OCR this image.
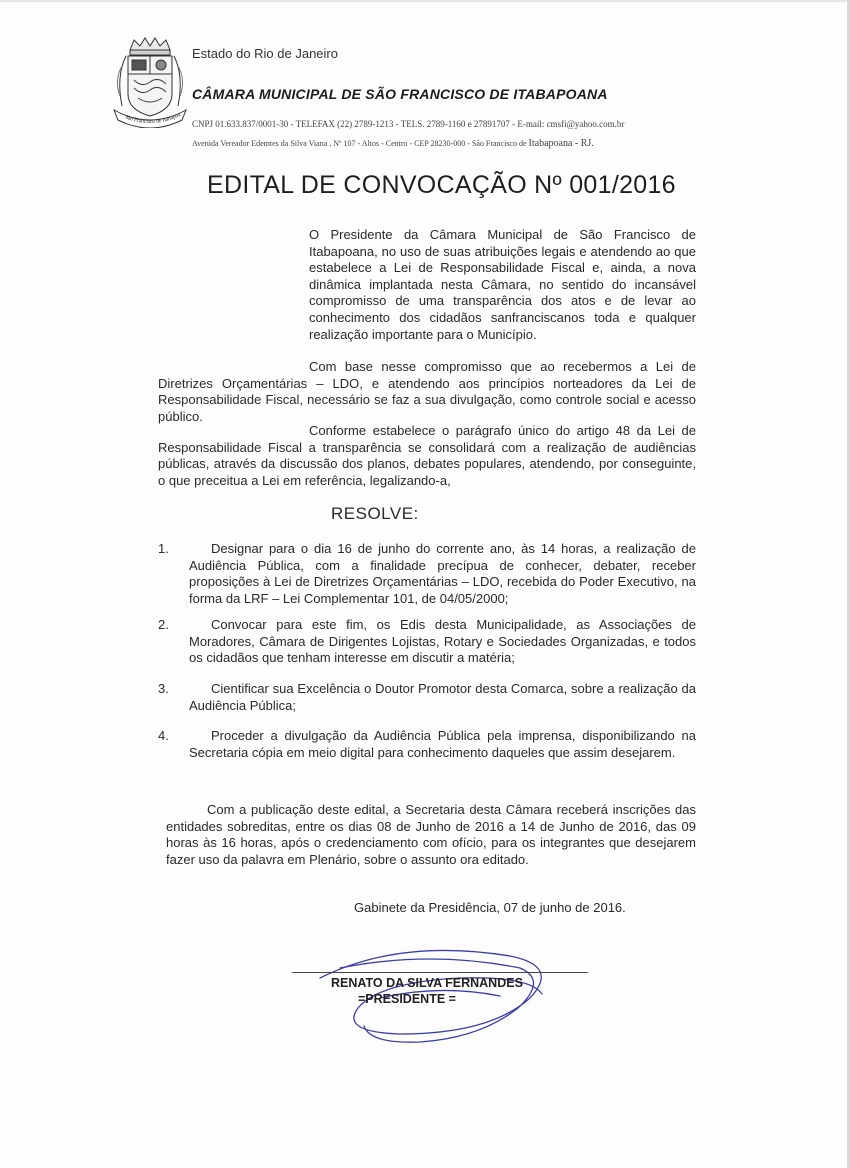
São Francisco de Itabapoa
Estado do Rio de Janeiro
CÂMARA MUNICIPAL DE SÃO FRANCISCO DE ITABAPOANA
CNPJ 01.633.837/0001-30 - TELEFAX (22) 2789-1213 - TELS. 2789-1160 e 27891707 - E-mail: cmsfi@yahoo.com.br
Avenida Vereador Edemtes da Silva Viana , Nº 107 - Altos - Centro - CEP 28230-000 - São Francisco de Itabapoana - RJ.
EDITAL DE CONVOCAÇÃO Nº 001/2016
O Presidente da Câmara Municipal de São Francisco de Itabapoana, no uso de suas atribuições legais e atendendo ao que estabelece a Lei de Responsabilidade Fiscal e, ainda, a nova dinâmica implantada nesta Câmara, no sentido do incansável compromisso de uma transparência dos atos e de levar ao conhecimento dos cidadãos sanfranciscanos toda e qualquer realização importante para o Município.
Com base nesse compromisso que ao recebermos a Lei de Diretrizes Orçamentárias – LDO, e atendendo aos princípios norteadores da Lei de Responsabilidade Fiscal, necessário se faz a sua divulgação, como controle social e acesso público.
Conforme estabelece o parágrafo único do artigo 48 da Lei de Responsabilidade Fiscal a transparência se consolidará com a realização de audiências públicas, através da discussão dos planos, debates populares, atendendo, por conseguinte, o que preceitua a Lei em referência, legalizando-a,
RESOLVE:
1.	Designar para o dia 16 de junho do corrente ano, às 14 horas, a realização de Audiência Pública, com a finalidade precípua de conhecer, debater, receber proposições à Lei de Diretrizes Orçamentárias – LDO, recebida do Poder Executivo, na forma da LRF – Lei Complementar 101, de 04/05/2000;
2.	Convocar para este fim, os Edis desta Municipalidade, as Associações de Moradores, Câmara de Dirigentes Lojistas, Rotary e Sociedades Organizadas, e todos os cidadãos que tenham interesse em discutir a matéria;
3.	Cientificar sua Excelência o Doutor Promotor desta Comarca, sobre a realização da Audiência Pública;
4.	Proceder a divulgação da Audiência Pública pela imprensa, disponibilizando na Secretaria cópia em meio digital para conhecimento daqueles que assim desejarem.
Com a publicação deste edital, a Secretaria desta Câmara receberá inscrições das entidades sobreditas, entre os dias 08 de Junho de 2016 a 14 de Junho de 2016, das 09 horas às 16 horas, após o credenciamento com ofício, para os integrantes que desejarem fazer uso da palavra em Plenário, sobre o assunto ora editado.
Gabinete da Presidência, 07 de junho de 2016.
RENATO DA SILVA FERNANDES
=PRESIDENTE =
